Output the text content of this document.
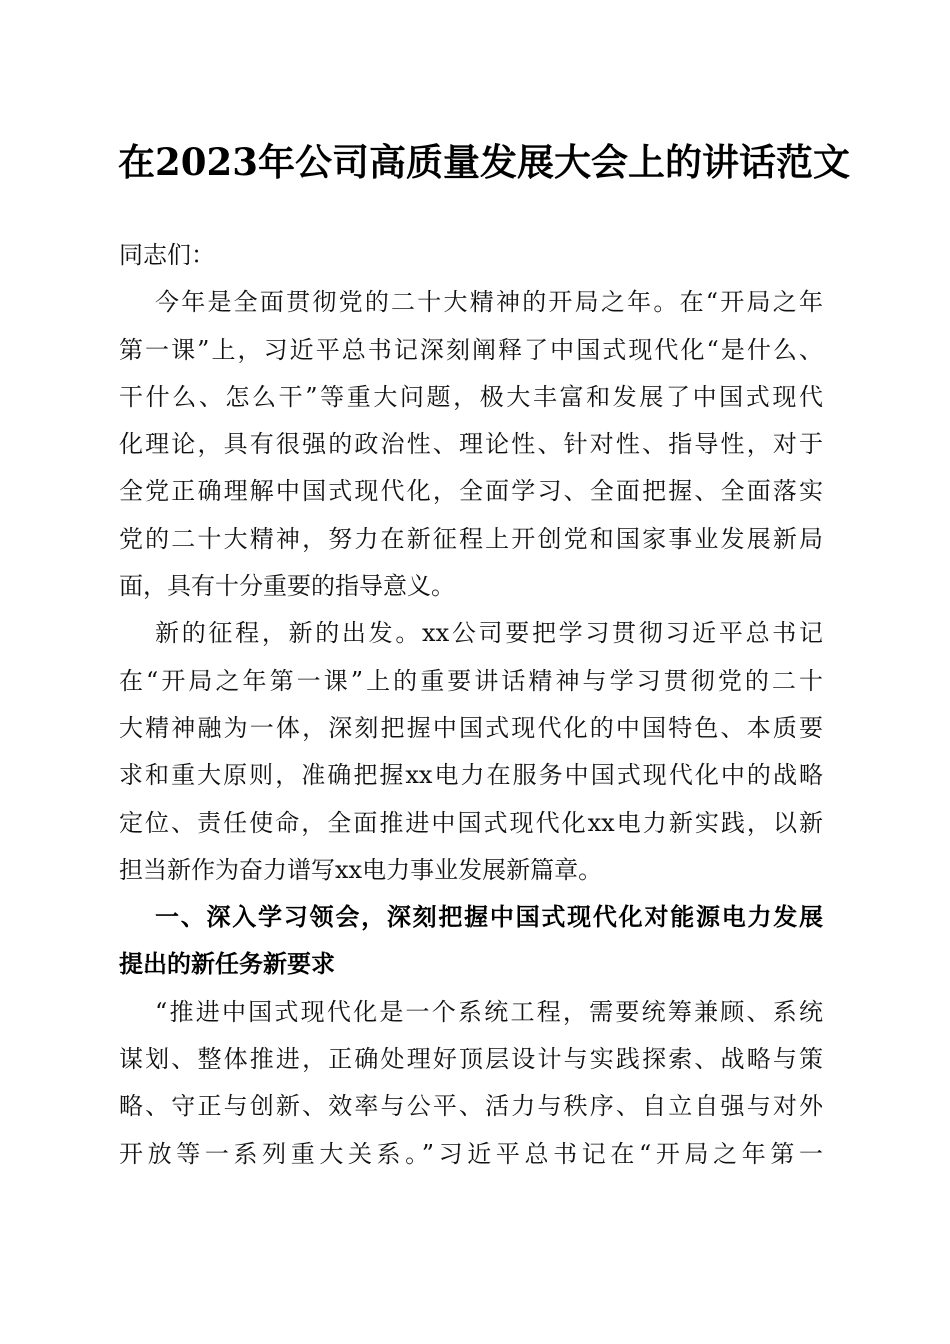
在2023年公司高质量发展大会上的讲话范文
同志们：
今年是全面贯彻党的二十大精神的开局之年。在“开局之年
第一课”上，习近平总书记深刻阐释了中国式现代化“是什么、
干什么、怎么干”等重大问题，极大丰富和发展了中国式现代
化理论，具有很强的政治性、理论性、针对性、指导性，对于
全党正确理解中国式现代化，全面学习、全面把握、全面落实
党的二十大精神，努力在新征程上开创党和国家事业发展新局
面，具有十分重要的指导意义。
新的征程，新的出发。xx公司要把学习贯彻习近平总书记
在“开局之年第一课”上的重要讲话精神与学习贯彻党的二十
大精神融为一体，深刻把握中国式现代化的中国特色、本质要
求和重大原则，准确把握xx电力在服务中国式现代化中的战略
定位、责任使命，全面推进中国式现代化xx电力新实践，以新
担当新作为奋力谱写xx电力事业发展新篇章。
一、深入学习领会，深刻把握中国式现代化对能源电力发展
提出的新任务新要求
“推进中国式现代化是一个系统工程，需要统筹兼顾、系统
谋划、整体推进，正确处理好顶层设计与实践探索、战略与策
略、守正与创新、效率与公平、活力与秩序、自立自强与对外
开放等一系列重大关系。”习近平总书记在“开局之年第一
